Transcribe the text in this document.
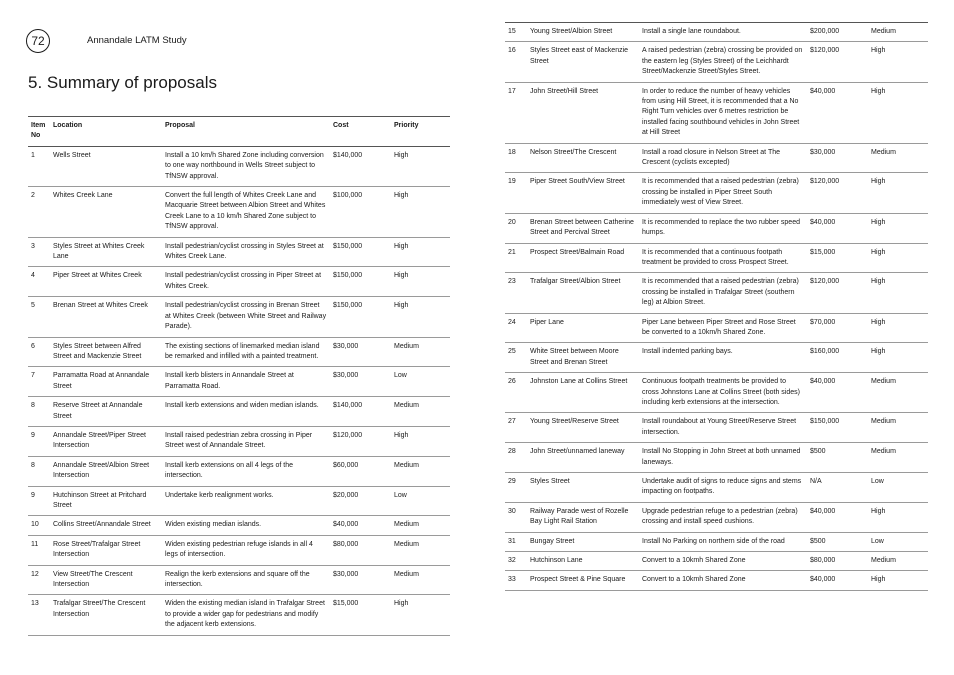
72	Annandale LATM Study
5. Summary of proposals
Item No	Location	Proposal	Cost	Priority
1	Wells Street	Install a 10 km/h Shared Zone including conversion to one way northbound in Wells Street subject to TfNSW approval.	$140,000	High
2	Whites Creek Lane	Convert the full length of Whites Creek Lane and Macquarie Street between Albion Street and Whites Creek Lane to a 10 km/h Shared Zone subject to TfNSW approval.	$100,000	High
3	Styles Street at Whites Creek Lane	Install pedestrian/cyclist crossing in Styles Street at Whites Creek Lane.	$150,000	High
4	Piper Street at Whites Creek	Install pedestrian/cyclist crossing in Piper Street at Whites Creek.	$150,000	High
5	Brenan Street at Whites Creek	Install pedestrian/cyclist crossing in Brenan Street at Whites Creek (between White Street and Railway Parade).	$150,000	High
6	Styles Street between Alfred Street and Mackenzie Street	The existing sections of linemarked median island be remarked and infilled with a painted treatment.	$30,000	Medium
7	Parramatta Road at Annandale Street	Install kerb blisters in Annandale Street at Parramatta Road.	$30,000	Low
8	Reserve Street at Annandale Street	Install kerb extensions and widen median islands.	$140,000	Medium
9	Annandale Street/Piper Street Intersection	Install raised pedestrian zebra crossing in Piper Street west of Annandale Street.	$120,000	High
8	Annandale Street/Albion Street Intersection	Install kerb extensions on all 4 legs of the intersection.	$60,000	Medium
9	Hutchinson Street at Pritchard Street	Undertake kerb realignment works.	$20,000	Low
10	Collins Street/Annandale Street	Widen existing median islands.	$40,000	Medium
11	Rose Street/Trafalgar Street Intersection	Widen existing pedestrian refuge islands in all 4 legs of intersection.	$80,000	Medium
12	View Street/The Crescent Intersection	Realign the kerb extensions and square off the intersection.	$30,000	Medium
13	Trafalgar Street/The Crescent Intersection	Widen the existing median island in Trafalgar Street to provide a wider gap for pedestrians and modify the adjacent kerb extensions.	$15,000	High
15	Young Street/Albion Street	Install a single lane roundabout.	$200,000	Medium
16	Styles Street east of Mackenzie Street	A raised pedestrian (zebra) crossing be provided on the eastern leg (Styles Street) of the Leichhardt Street/Mackenzie Street/Styles Street.	$120,000	High
17	John Street/Hill Street	In order to reduce the number of heavy vehicles from using Hill Street, it is recommended that a No Right Turn vehicles over 6 metres restriction be installed facing southbound vehicles in John Street at Hill Street	$40,000	High
18	Nelson Street/The Crescent	Install a road closure in Nelson Street at The Crescent (cyclists excepted)	$30,000	Medium
19	Piper Street South/View Street	It is recommended that a raised pedestrian (zebra) crossing be installed in Piper Street South immediately west of View Street.	$120,000	High
20	Brenan Street between Catherine Street and Percival Street	It is recommended to replace the two rubber speed humps.	$40,000	High
21	Prospect Street/Balmain Road	It is recommended that a continuous footpath treatment be provided to cross Prospect Street.	$15,000	High
23	Trafalgar Street/Albion Street	It is recommended that a raised pedestrian (zebra) crossing be installed in Trafalgar Street (southern leg) at Albion Street.	$120,000	High
24	Piper Lane	Piper Lane between Piper Street and Rose Street be converted to a 10km/h Shared Zone.	$70,000	High
25	White Street between Moore Street and Brenan Street	Install indented parking bays.	$160,000	High
26	Johnston Lane at Collins Street	Continuous footpath treatments be provided to cross Johnstons Lane at Collins Street (both sides) including kerb extensions at the intersection.	$40,000	Medium
27	Young Street/Reserve Street	Install roundabout at Young Street/Reserve Street intersection.	$150,000	Medium
28	John Street/unnamed laneway	Install No Stopping in John Street at both unnamed laneways.	$500	Medium
29	Styles Street	Undertake audit of signs to reduce signs and stems impacting on footpaths.	N/A	Low
30	Railway Parade west of Rozelle Bay Light Rail Station	Upgrade pedestrian refuge to a pedestrian (zebra) crossing and install speed cushions.	$40,000	High
31	Bungay Street	Install No Parking on northern side of the road	$500	Low
32	Hutchinson Lane	Convert to a 10kmh Shared Zone	$80,000	Medium
33	Prospect Street & Pine Square	Convert to a 10kmh Shared Zone	$40,000	High
